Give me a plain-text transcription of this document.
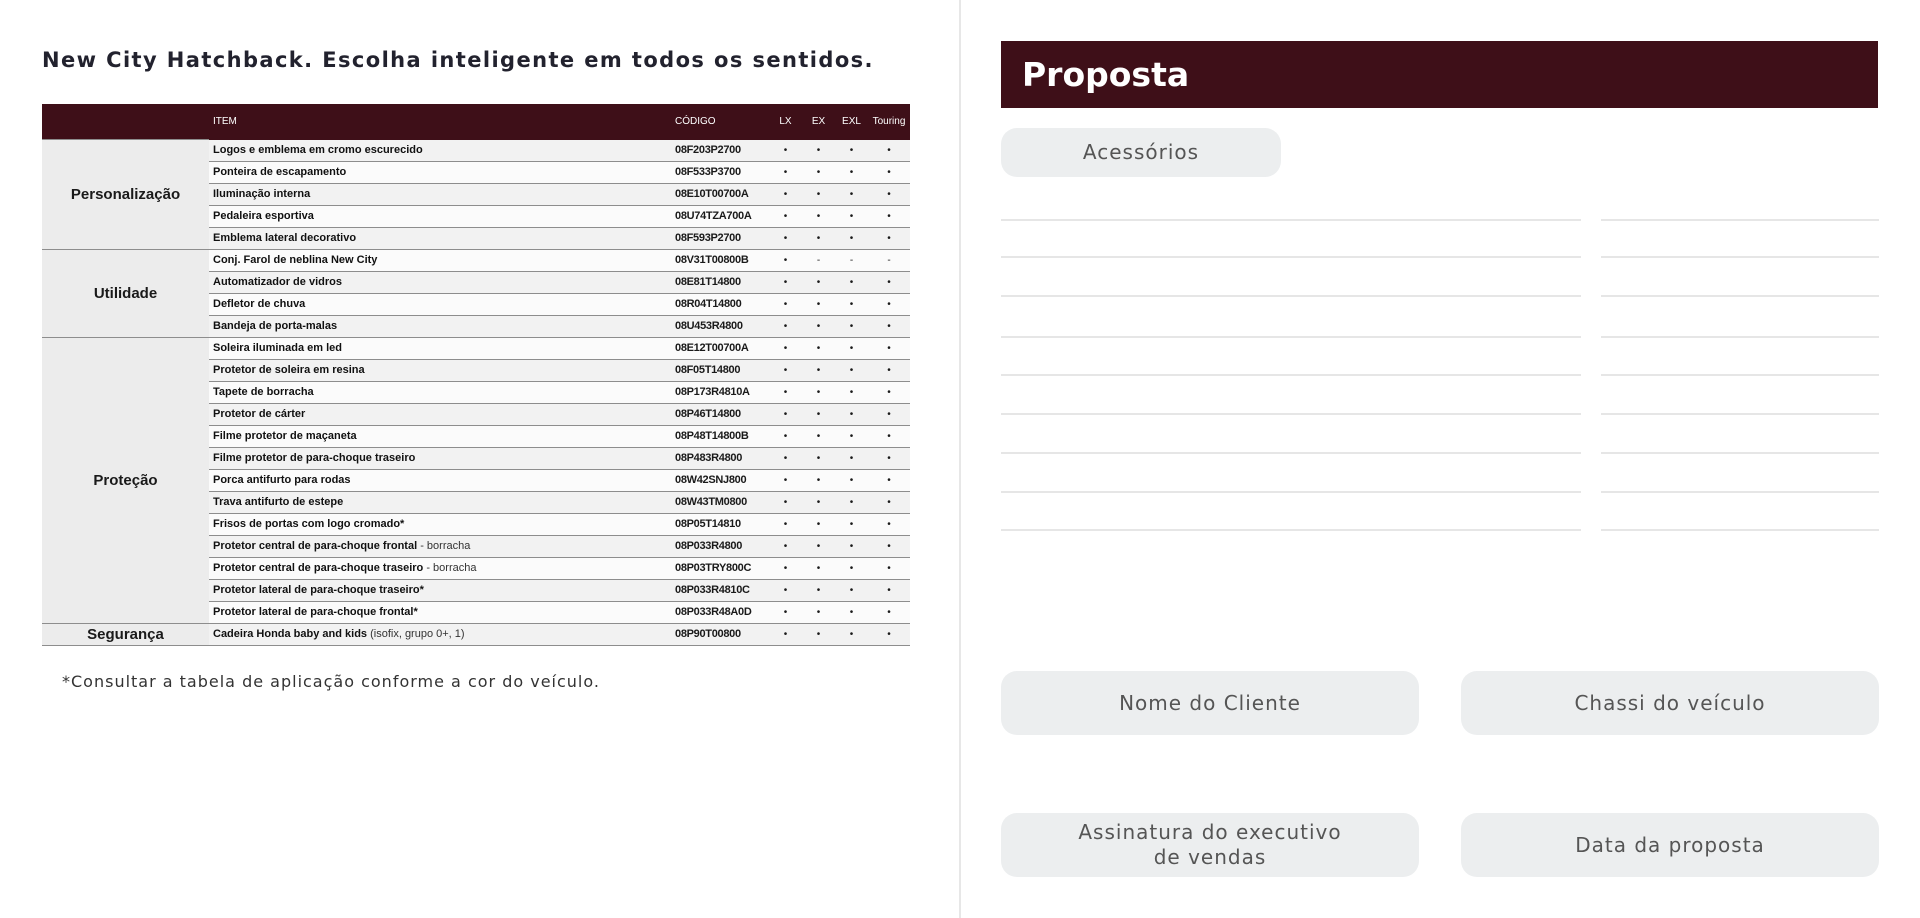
New City Hatchback. Escolha inteligente em todos os sentidos.
	ITEM	CÓDIGO	LX	EX	EXL	Touring
Personalização	Logos e emblema em cromo escurecido	08F203P2700	•	•	•	•
	Ponteira de escapamento	08F533P3700	•	•	•	•
	Iluminação interna	08E10T00700A	•	•	•	•
	Pedaleira esportiva	08U74TZA700A	•	•	•	•
	Emblema lateral decorativo	08F593P2700	•	•	•	•
Utilidade	Conj. Farol de neblina New City	08V31T00800B	•	-	-	-
	Automatizador de vidros	08E81T14800	•	•	•	•
	Defletor de chuva	08R04T14800	•	•	•	•
	Bandeja de porta-malas	08U453R4800	•	•	•	•
Proteção	Soleira iluminada em led	08E12T00700A	•	•	•	•
	Protetor de soleira em resina	08F05T14800	•	•	•	•
	Tapete de borracha	08P173R4810A	•	•	•	•
	Protetor de cárter	08P46T14800	•	•	•	•
	Filme protetor de maçaneta	08P48T14800B	•	•	•	•
	Filme protetor de para-choque traseiro	08P483R4800	•	•	•	•
	Porca antifurto para rodas	08W42SNJ800	•	•	•	•
	Trava antifurto de estepe	08W43TM0800	•	•	•	•
	Frisos de portas com logo cromado*	08P05T14810	•	•	•	•
	Protetor central de para-choque frontal - borracha	08P033R4800	•	•	•	•
	Protetor central de para-choque traseiro - borracha	08P03TRY800C	•	•	•	•
	Protetor lateral de para-choque traseiro*	08P033R4810C	•	•	•	•
	Protetor lateral de para-choque frontal*	08P033R48A0D	•	•	•	•
Segurança	Cadeira Honda baby and kids (isofix, grupo 0+, 1)	08P90T00800	•	•	•	•
*Consultar a tabela de aplicação conforme a cor do veículo.
Proposta
Acessórios
Nome do Cliente	Chassi do veículo
Assinatura do executivo
de vendas
Data da proposta
